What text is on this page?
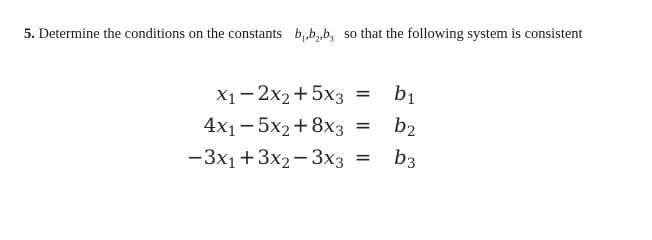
5. Determine the conditions on the constants $b_1,b_2,b_3$ so that the following system is consistent
$x_1 - 2x_2 + 5x_3 = b_1$
$4x_1 - 5x_2 + 8x_3 = b_2$
$-3x_1 + 3x_2 - 3x_3 = b_3$
